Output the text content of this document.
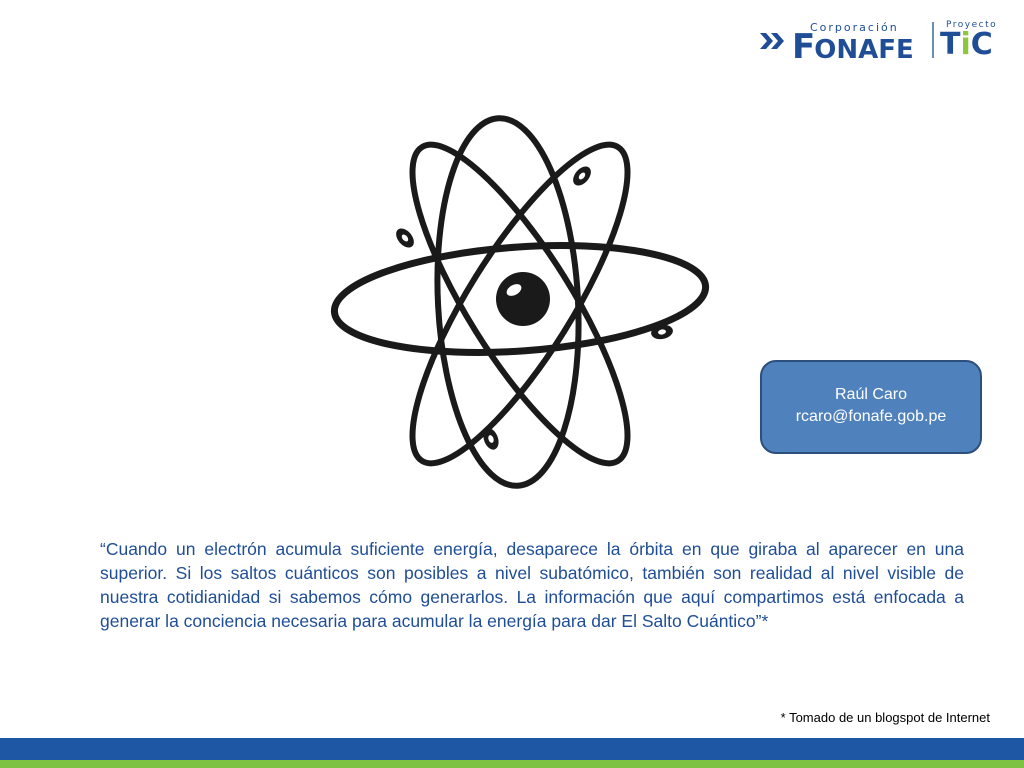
Corporación
FONAFE
Proyecto
TiC
Raúl Caro
rcaro@fonafe.gob.pe

“Cuando un electrón acumula suficiente energía, desaparece la órbita en que giraba al aparecer en una superior. Si los saltos cuánticos son posibles a nivel subatómico, también son realidad al nivel visible de nuestra cotidianidad si sabemos cómo generarlos. La información que aquí compartimos está enfocada a generar la conciencia necesaria para acumular la energía para dar El Salto Cuántico”*

* Tomado de un blogspot de Internet
